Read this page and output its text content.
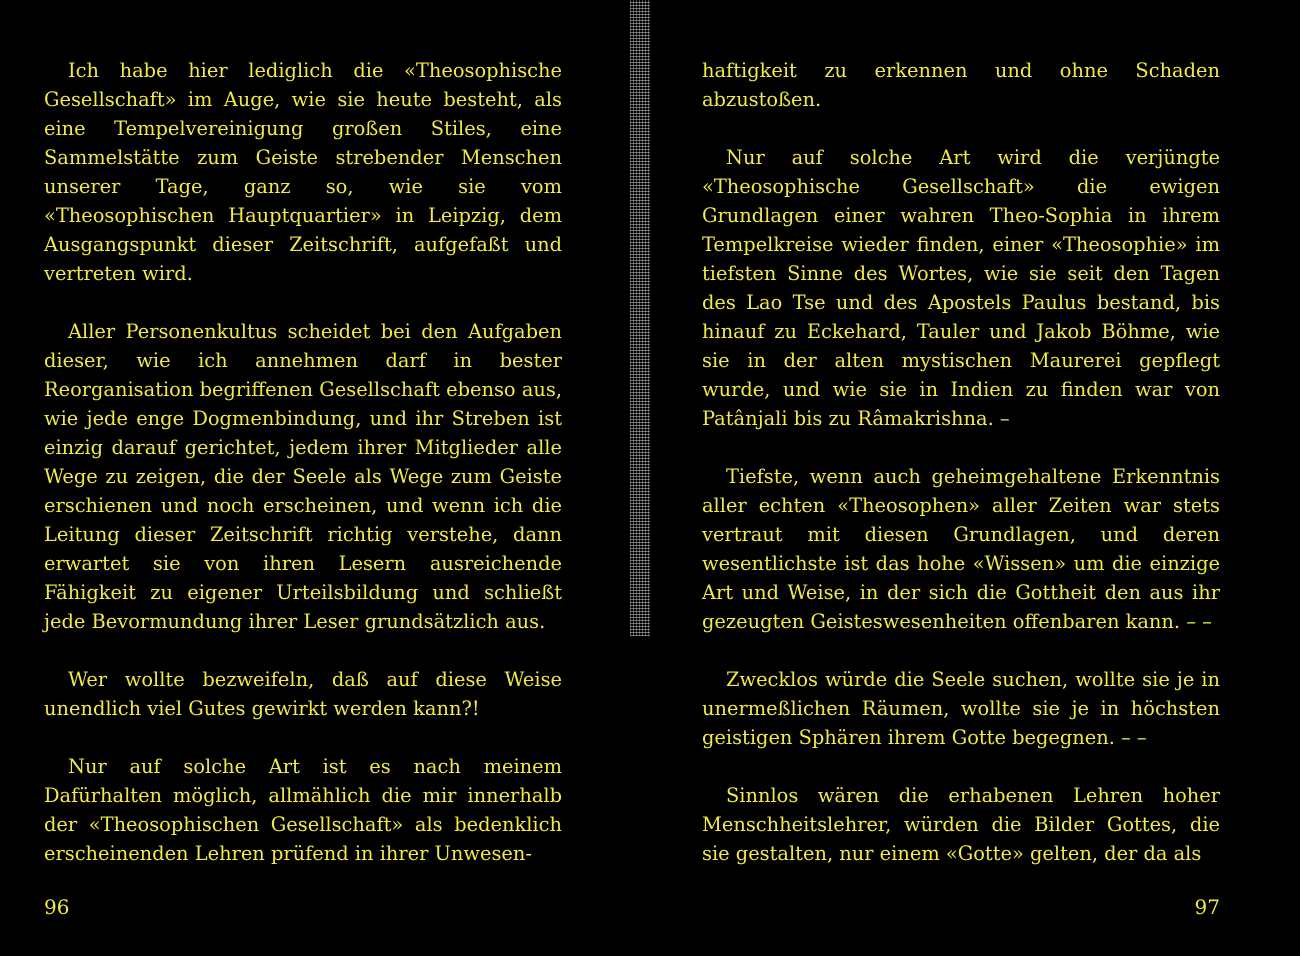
Ich habe hier lediglich die «Theosophische Gesellschaft» im Auge, wie sie heute besteht, als eine Tempelvereinigung großen Stiles, eine Sammelstätte zum Geiste strebender Menschen unserer Tage, ganz so, wie sie vom «Theosophischen Hauptquartier» in Leipzig, dem Ausgangspunkt dieser Zeitschrift, aufgefaßt und vertreten wird.

Aller Personenkultus scheidet bei den Aufgaben dieser, wie ich annehmen darf in bester Reorganisation begriffenen Gesellschaft ebenso aus, wie jede enge Dogmenbindung, und ihr Streben ist einzig darauf gerichtet, jedem ihrer Mitglieder alle Wege zu zeigen, die der Seele als Wege zum Geiste erschienen und noch erscheinen, und wenn ich die Leitung dieser Zeitschrift richtig verstehe, dann erwartet sie von ihren Lesern ausreichende Fähigkeit zu eigener Urteilsbildung und schließt jede Bevormundung ihrer Leser grundsätzlich aus.

Wer wollte bezweifeln, daß auf diese Weise unendlich viel Gutes gewirkt werden kann?!

Nur auf solche Art ist es nach meinem Dafürhalten möglich, allmählich die mir innerhalb der «Theosophischen Gesellschaft» als bedenklich erscheinenden Lehren prüfend in ihrer Unwesen-

haftigkeit zu erkennen und ohne Schaden abzustoßen.

Nur auf solche Art wird die verjüngte «Theosophische Gesellschaft» die ewigen Grundlagen einer wahren Theo-Sophia in ihrem Tempelkreise wieder finden, einer «Theosophie» im tiefsten Sinne des Wortes, wie sie seit den Tagen des Lao Tse und des Apostels Paulus bestand, bis hinauf zu Eckehard, Tauler und Jakob Böhme, wie sie in der alten mystischen Maurerei gepflegt wurde, und wie sie in Indien zu finden war von Patânjali bis zu Râmakrishna. –

Tiefste, wenn auch geheimgehaltene Erkenntnis aller echten «Theosophen» aller Zeiten war stets vertraut mit diesen Grundlagen, und deren wesentlichste ist das hohe «Wissen» um die einzige Art und Weise, in der sich die Gottheit den aus ihr gezeugten Geisteswesenheiten offenbaren kann. – –

Zwecklos würde die Seele suchen, wollte sie je in unermeßlichen Räumen, wollte sie je in höchsten geistigen Sphären ihrem Gotte begegnen. – –

Sinnlos wären die erhabenen Lehren hoher Menschheitslehrer, würden die Bilder Gottes, die sie gestalten, nur einem «Gotte» gelten, der da als

96	97
